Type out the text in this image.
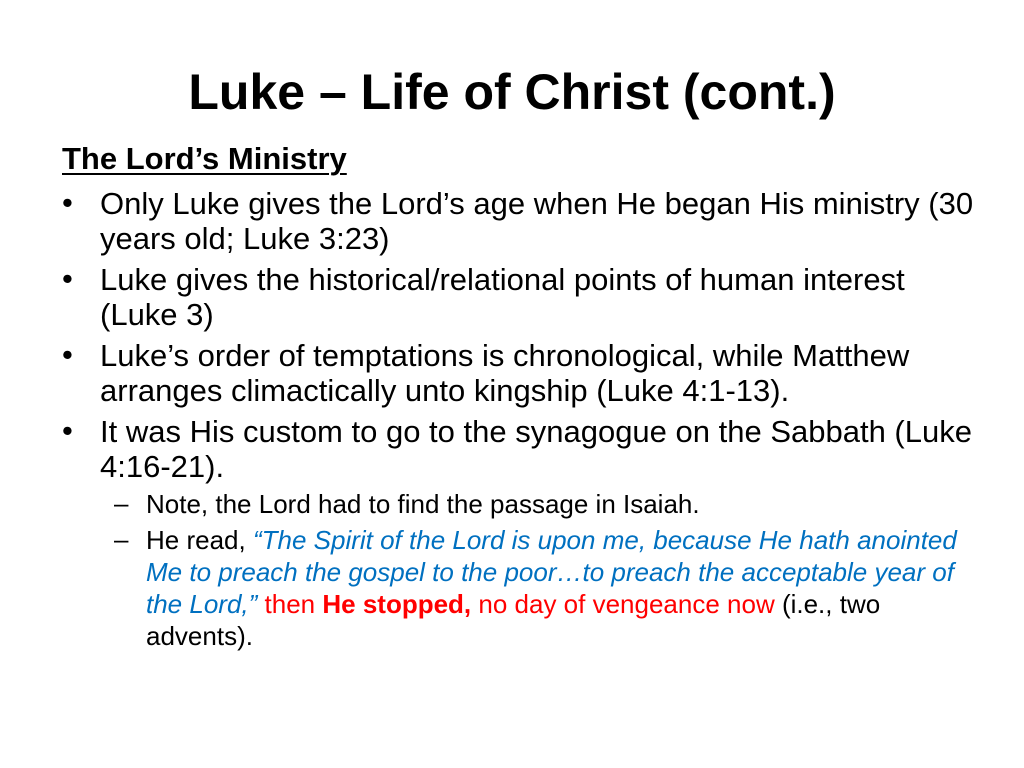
Luke – Life of Christ (cont.)
The Lord’s Ministry
• Only Luke gives the Lord’s age when He began His ministry (30 years old; Luke 3:23)
• Luke gives the historical/relational points of human interest (Luke 3)
• Luke’s order of temptations is chronological, while Matthew arranges climactically unto kingship (Luke 4:1-13).
• It was His custom to go to the synagogue on the Sabbath (Luke 4:16-21).
– Note, the Lord had to find the passage in Isaiah.
– He read, “The Spirit of the Lord is upon me, because He hath anointed Me to preach the gospel to the poor…to preach the acceptable year of the Lord,” then He stopped, no day of vengeance now (i.e., two advents).
